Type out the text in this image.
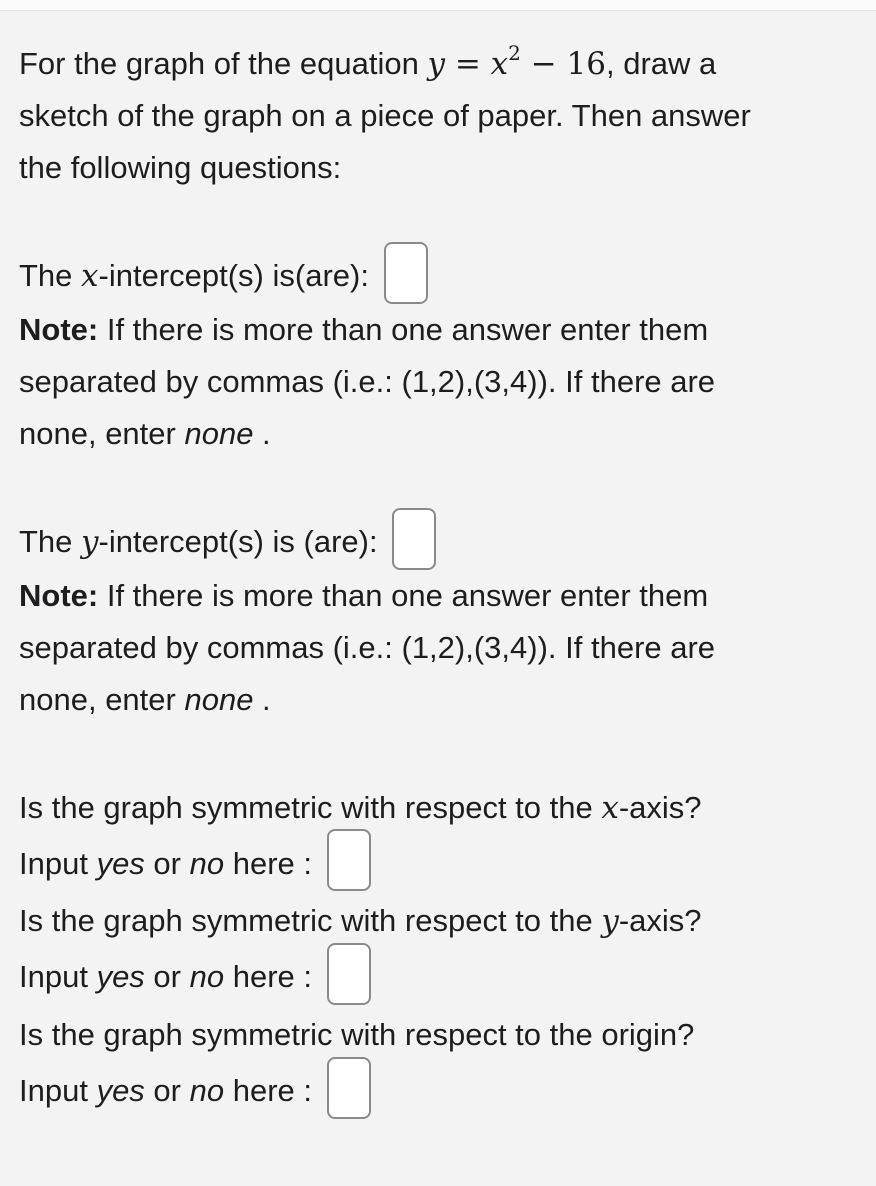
For the graph of the equation $y = x^2 - 16$, draw a
sketch of the graph on a piece of paper. Then answer
the following questions:

The x-intercept(s) is(are):

Note: If there is more than one answer enter them
separated by commas (i.e.: (1,2),(3,4)). If there are
none, enter none .

The y-intercept(s) is (are):

Note: If there is more than one answer enter them
separated by commas (i.e.: (1,2),(3,4)). If there are
none, enter none .

Is the graph symmetric with respect to the x-axis?

Input yes or no here :

Is the graph symmetric with respect to the y-axis?

Input yes or no here :

Is the graph symmetric with respect to the origin?

Input yes or no here :
